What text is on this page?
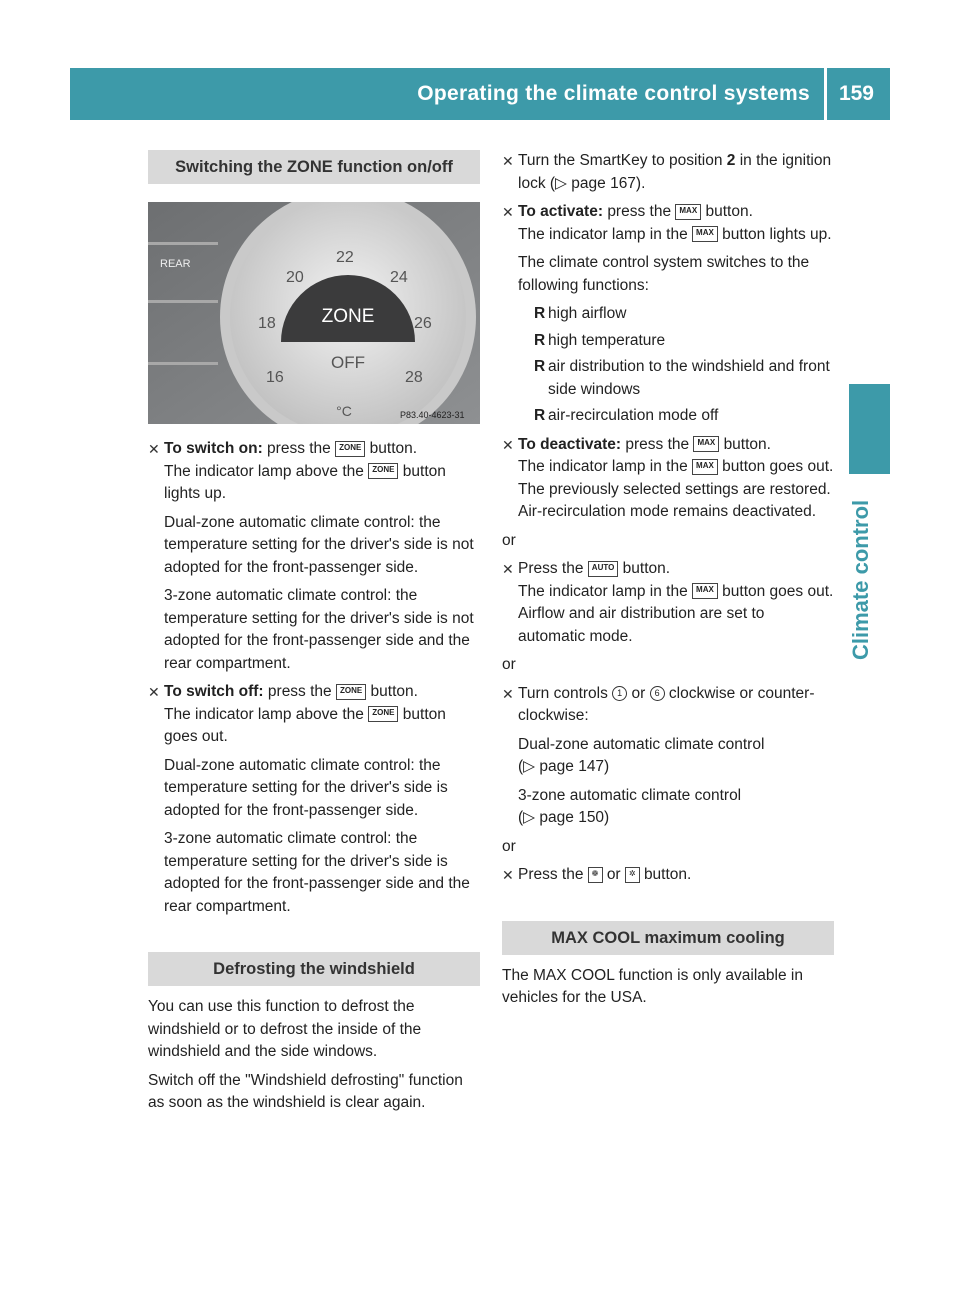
Operating the climate control systems	159
Climate control
Switching the ZONE function on/off
22
20	24
18	26
16	28
ZONE
OFF
°C
REAR
P83.40-4623-31
✕ To switch on: press the ZONE button.
The indicator lamp above the ZONE button lights up.

Dual-zone automatic climate control: the temperature setting for the driver's side is not adopted for the front-passenger side.

3-zone automatic climate control: the temperature setting for the driver's side is not adopted for the front-passenger side and the rear compartment.

✕ To switch off: press the ZONE button.
The indicator lamp above the ZONE button goes out.

Dual-zone automatic climate control: the temperature setting for the driver's side is adopted for the front-passenger side.

3-zone automatic climate control: the temperature setting for the driver's side is adopted for the front-passenger side and the rear compartment.

Defrosting the windshield

You can use this function to defrost the windshield or to defrost the inside of the windshield and the side windows.

Switch off the "Windshield defrosting" function as soon as the windshield is clear again.

✕ Turn the SmartKey to position 2 in the ignition lock (▷ page 167).

✕ To activate: press the MAX button.
The indicator lamp in the MAX button lights up.

The climate control system switches to the following functions:

R high airflow
R high temperature
R air distribution to the windshield and front side windows
R air-recirculation mode off
✕ To deactivate: press the MAX button.
The indicator lamp in the MAX button goes out. The previously selected settings are restored. Air-recirculation mode remains deactivated.

or

✕ Press the AUTO button.
The indicator lamp in the MAX button goes out. Airflow and air distribution are set to automatic mode.

or

✕ Turn controls 1 or 6 clockwise or counter-clockwise:

Dual-zone automatic climate control
(▷ page 147)

3-zone automatic climate control
(▷ page 150)

or

✕ Press the ❁ or ✲ button.

MAX COOL maximum cooling

The MAX COOL function is only available in vehicles for the USA.
